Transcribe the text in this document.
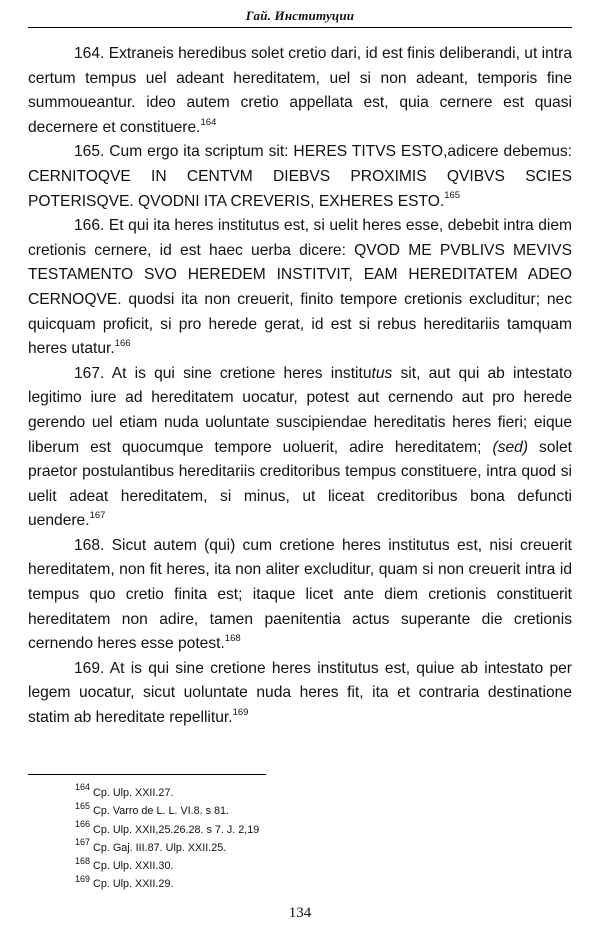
Гай. Институции

164. Extraneis heredibus solet cretio dari, id est finis deliberandi, ut intra certum tempus uel adeant hereditatem, uel si non adeant, temporis fine summoueantur. ideo autem cretio appellata est, quia cernere est quasi decernere et constituere.$^{164}$

165. Cum ergo ita scriptum sit: HERES TITVS ESTO,adicere debemus: CERNITOQVE IN CENTVM DIEBVS PROXIMIS QVIBVS SCIES POTERISQVE. QVODNI ITA CREVERIS, EXHERES ESTO.$^{165}$

166. Et qui ita heres institutus est, si uelit heres esse, debebit intra diem cretionis cernere, id est haec uerba dicere: QVOD ME PVBLIVS MEVIVS TESTAMENTO SVO HEREDEM INSTITVIT, EAM HEREDITATEM ADEO CERNOQVE. quodsi ita non creuerit, finito tempore cretionis excluditur; nec quicquam proficit, si pro herede gerat, id est si rebus hereditariis tamquam heres utatur.$^{166}$

167. At is qui sine cretione heres institutus sit, aut qui ab intestato legitimo iure ad hereditatem uocatur, potest aut cernendo aut pro herede gerendo uel etiam nuda uoluntate suscipiendae hereditatis heres fieri; eique liberum est quocumque tempore uoluerit, adire hereditatem; (sed) solet praetor postulantibus hereditariis creditoribus tempus constituere, intra quod si uelit adeat hereditatem, si minus, ut liceat creditoribus bona defuncti uendere.$^{167}$

168. Sicut autem (qui) cum cretione heres institutus est, nisi creuerit hereditatem, non fit heres, ita non aliter excluditur, quam si non creuerit intra id tempus quo cretio finita est; itaque licet ante diem cretionis constituerit hereditatem non adire, tamen paenitentia actus superante die cretionis cernendo heres esse potest.$^{168}$

169. At is qui sine cretione heres institutus est, quiue ab intestato per legem uocatur, sicut uoluntate nuda heres fit, ita et contraria destinatione statim ab hereditate repellitur.$^{169}$

$^{164}$ Cp. Ulp. XXII.27.
$^{165}$ Cp. Varro de L. L. VI.8. s 81.
$^{166}$ Cp. Ulp. XXII,25.26.28. s 7. J. 2,19
$^{167}$ Cp. Gaj. III.87. Ulp. XXII.25.
$^{168}$ Cp. Ulp. XXII.30.
$^{169}$ Cp. Ulp. XXII.29.
134
